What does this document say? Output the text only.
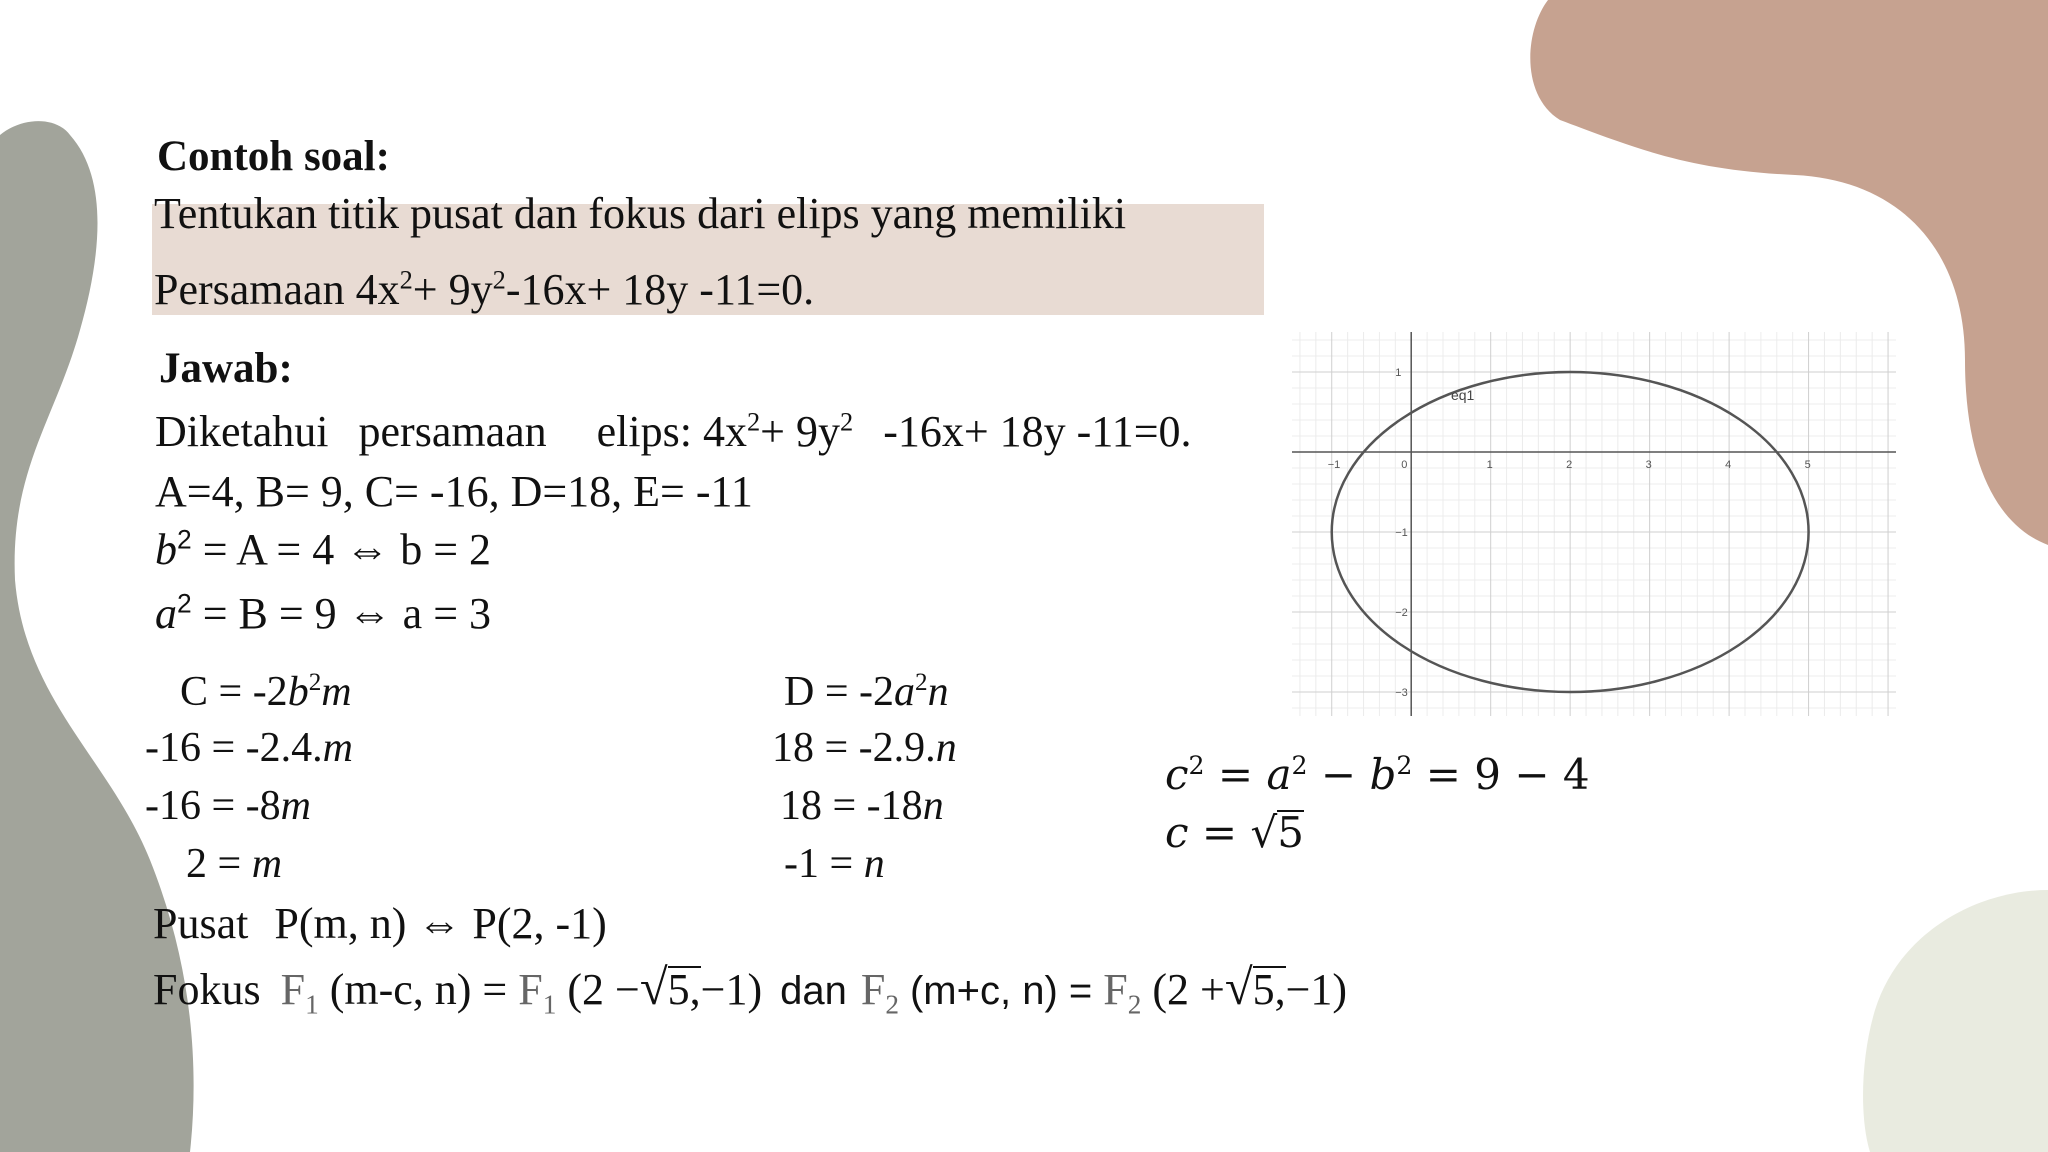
Contoh soal:
Tentukan titik pusat dan fokus dari elips yang memiliki
Persamaan $4x^2+ 9y^2-16x+ 18y$ -11=0.
Jawab:
Diketahui persamaan elips: $4x^2+ 9y^2$ -16x+ 18y -11=0.
A=4, B= 9, C= -16, D=18, E= -11
$b^2 = A = 4$ ⇔ b = 2
$a^2 = B = 9$ ⇔ a = 3
$C = -2b^2m$
-16 = -2.4.m
-16 = -8m
2 = m
$D = -2a^2n$
18 = -2.9.n
18 = -18n
-1 = n
$c^2 = a^2 - b^2 = 9 - 4$
c = √5
Pusat P(m, n) ⇔ P(2, -1)
Fokus $F_1$ (m-c, $n) = F_1$ (2 −√5,−1) dan $F_2$ (m+c, $n) = F_2$ (2 +√5,−1)
−1	0	1	2	3	4	5
1
−1
−2
−3
eq1
